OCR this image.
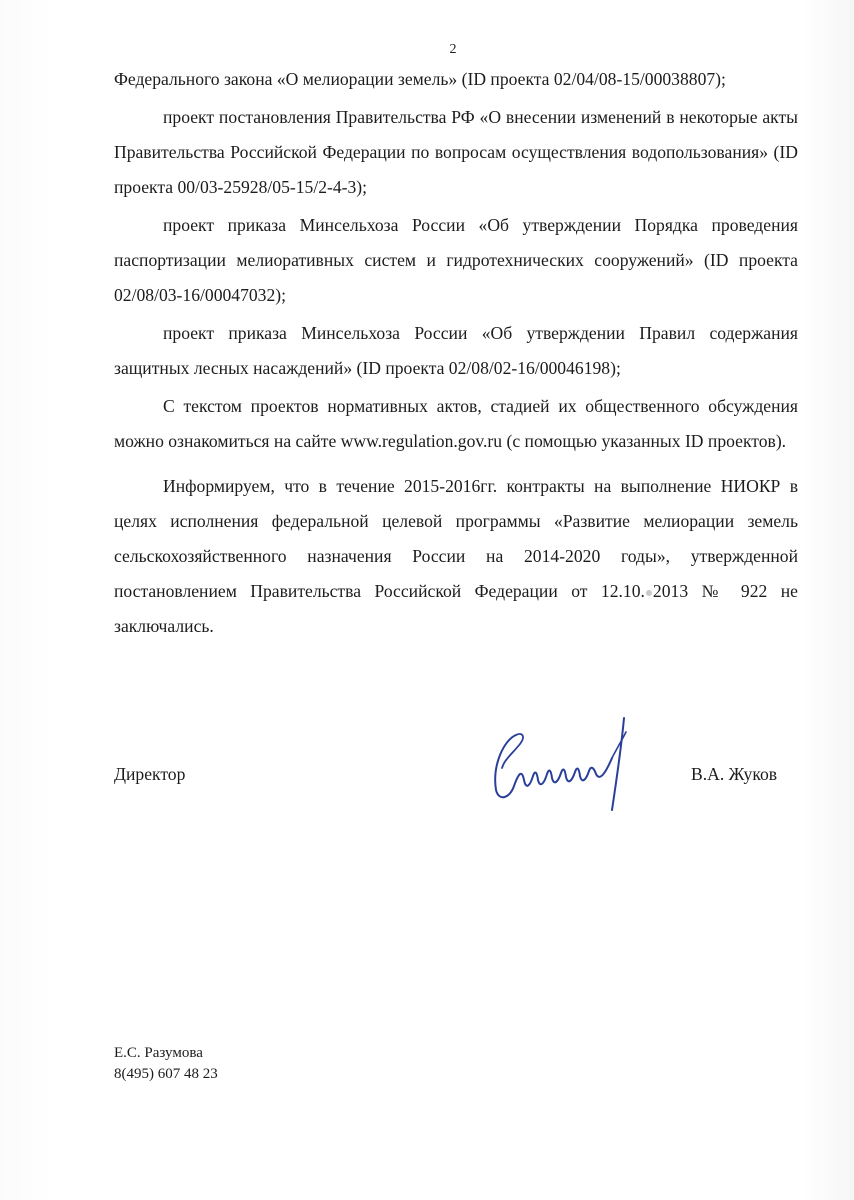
2

Федерального закона «О мелиорации земель» (ID проекта 02/04/08-15/00038807);

проект постановления Правительства РФ «О внесении изменений в некоторые акты Правительства Российской Федерации по вопросам осуществления водопользования» (ID проекта 00/03-25928/05-15/2-4-3);

проект приказа Минсельхоза России «Об утверждении Порядка проведения паспортизации мелиоративных систем и гидротехнических сооружений» (ID проекта 02/08/03-16/00047032);

проект приказа Минсельхоза России «Об утверждении Правил содержания защитных лесных насаждений» (ID проекта 02/08/02-16/00046198);

С текстом проектов нормативных актов, стадией их общественного обсуждения можно ознакомиться на сайте www.regulation.gov.ru (с помощью указанных ID проектов).

Информируем, что в течение 2015-2016гг. контракты на выполнение НИОКР в целях исполнения федеральной целевой программы «Развитие мелиорации земель сельскохозяйственного назначения России на 2014-2020 годы», утвержденной постановлением Правительства Российской Федерации от 12.10. 2013 № 922 не заключались.

Директор	В.А. Жуков
Е.С. Разумова
8(495) 607 48 23
